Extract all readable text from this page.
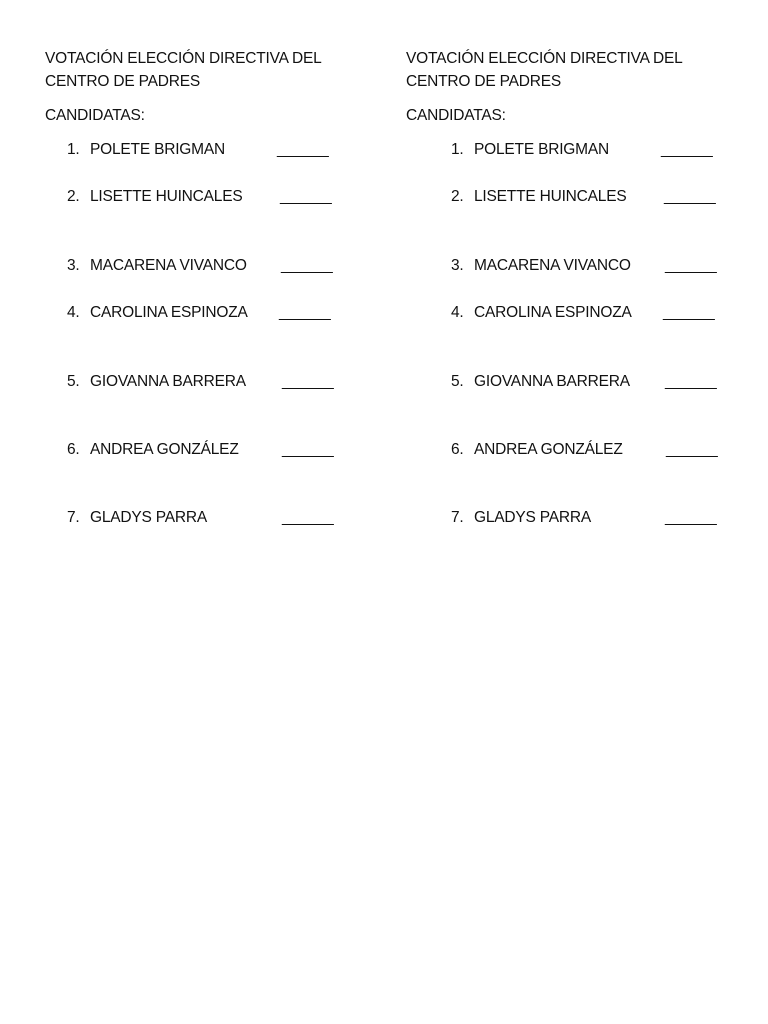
VOTACIÓN ELECCIÓN DIRECTIVA DEL
CENTRO DE PADRES
CANDIDATAS:
1. POLETE BRIGMAN	______
2. LISETTE HUINCALES ______
3. MACARENA VIVANCO ______
4. CAROLINA ESPINOZA ______
5. GIOVANNA BARRERA ______
6. ANDREA GONZÁLEZ	______
7. GLADYS PARRA	______
VOTACIÓN ELECCIÓN DIRECTIVA DEL
CENTRO DE PADRES
CANDIDATAS:
1. POLETE BRIGMAN	______
2. LISETTE HUINCALES ______
3. MACARENA VIVANCO ______
4. CAROLINA ESPINOZA ______
5. GIOVANNA BARRERA ______
6. ANDREA GONZÁLEZ	______
7. GLADYS PARRA	______
